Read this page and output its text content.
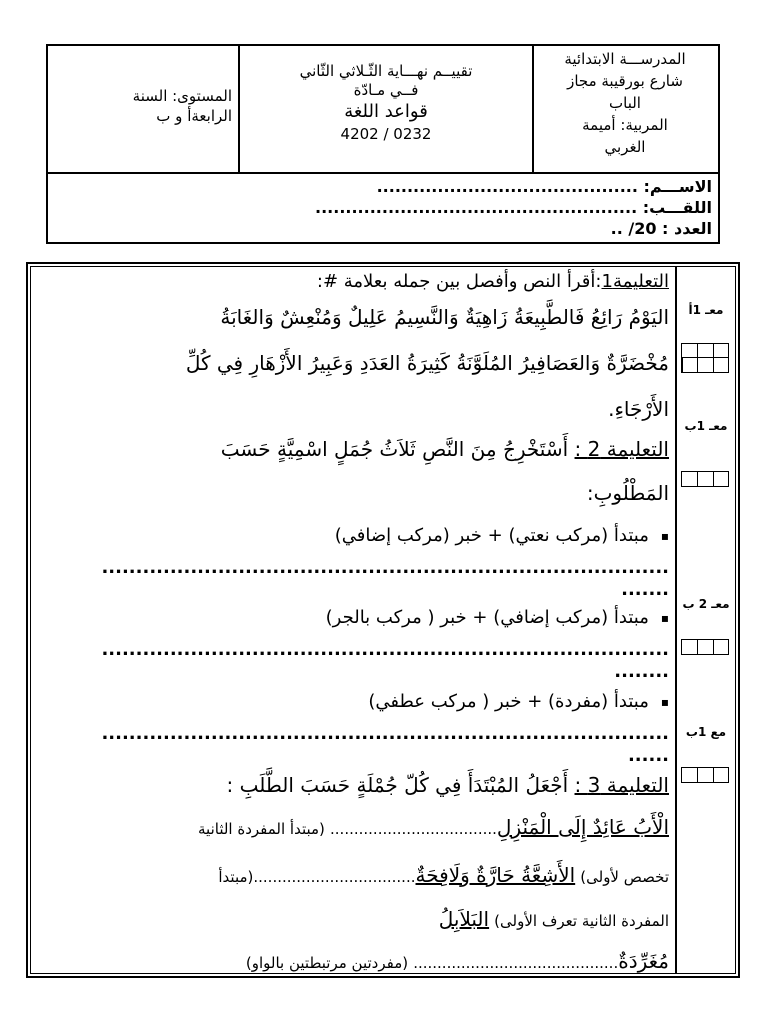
المدرســـة الابتدائية
شارع بورقيبة مجاز
الباب
المربية: أميمة
الغربي
تقييــم نهـــاية الثّـلاثي الثّاني
فــي مـادّة
قواعد اللغة
4202 / 0232
المستوى: السنة
الرابعةأ و ب
الاســـم: ...........................................
اللقـــب: .....................................................
العدد : 20/ ..
معـ 1أ
معـ 1ب
معـ 2 ب
مع 1ب
التعليمة1:أقرأ النص وأفصل بين جمله بعلامة #:
اليَوْمُ رَائِعُ فَالطَّبِيعَةُ زَاهِيَةٌ وَالنَّسِيمُ عَلِيلٌ وَمُنْعِشٌ وَالغَابَةُ
مُخْضَرَّةٌ وَالعَصَافِيرُ المُلَوَّنَةُ كَثِيرَةُ العَدَدِ وَعَبِيرُ الأَزْهَارِ فِي كُلِّ
الأَرْجَاءِ.
التعليمة 2 : أَسْتَخْرِجُ مِنَ النَّصِ ثَلاَثُ جُمَلٍ اسْمِيَّةٍ حَسَبَ
المَطْلُوبِ:
▪ مبتدأ (مركب نعتي) + خبر (مركب إضافي)
...................................................................................
.......
▪ مبتدأ (مركب إضافي) + خبر ( مركب بالجر)
...................................................................................
........
▪ مبتدأ (مفردة) + خبر ( مركب عطفي)
...................................................................................
......
التعليمة 3 : أَجْعَلُ المُبْتَدَأَ فِي كُلّ جُمْلَةٍ حَسَبَ الطَّلَبِ :
الْأَبُ عَائِدٌ إِلَى الْمَنْزِلِ................................... (مبتدأ المفردة الثانية
تخصص لأولى) الأَشِعَّةُ حَارَّةٌ وَلَافِحَةٌ..................................(مبتدأ
المفردة الثانية تعرف الأولى) البَلاَبِلُ
مُغَرِّدَةٌ........................................... (مفردتين مرتبطتين بالواو)
